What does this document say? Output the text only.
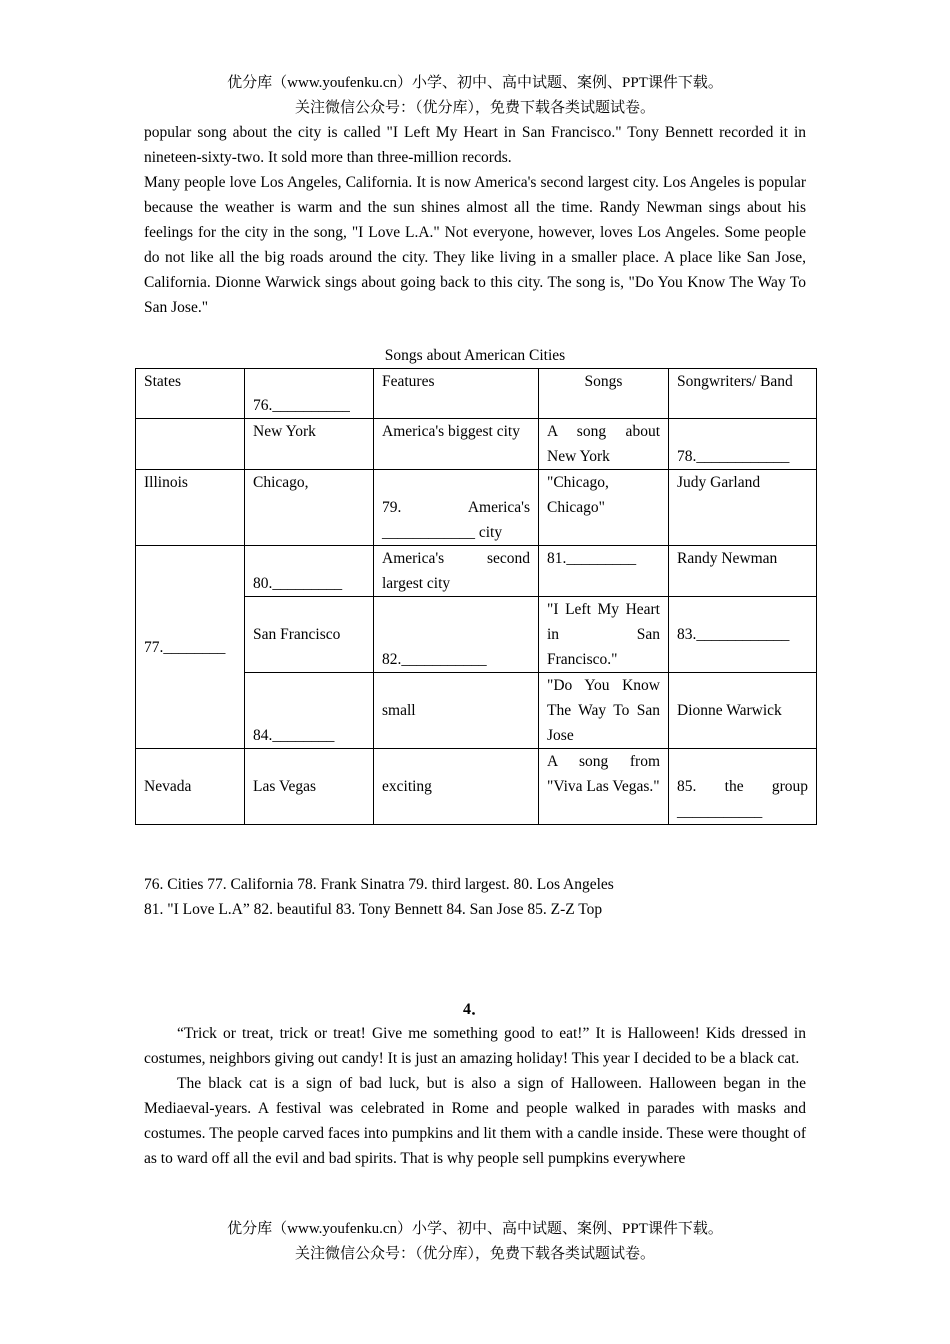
优分库（www.youfenku.cn）小学、初中、高中试题、案例、PPT课件下载。
关注微信公众号：（优分库），免费下载各类试题试卷。

popular song about the city is called "I Left My Heart in San Francisco." Tony Bennett recorded it in nineteen-sixty-two. It sold more than three-million records.

Many people love Los Angeles, California. It is now America's second largest city. Los Angeles is popular because the weather is warm and the sun shines almost all the time. Randy Newman sings about his feelings for the city in the song, "I Love L.A." Not everyone, however, loves Los Angeles. Some people do not like all the big roads around the city. They like living in a smaller place. A place like San Jose, California. Dionne Warwick sings about going back to this city. The song is, "Do You Know The Way To San Jose."

Songs about American Cities
States	76.__________	Features	Songs	Songwriters/ Band
	New York	America's biggest city	A song about New York	78.____________
Illinois	Chicago,	79. America's ____________ city	"Chicago, Chicago"	Judy Garland
77.________	80._________	America's second largest city	81._________	Randy Newman
	San Francisco	82.___________	"I Left My Heart in San Francisco."	83.____________
	84.________	small	"Do You Know The Way To San Jose	Dionne Warwick
Nevada	Las Vegas	exciting	A song from "Viva Las Vegas."	85. the group ___________
76. Cities 77. California 78. Frank Sinatra 79. third largest. 80. Los Angeles
81. "I Love L.A” 82. beautiful 83. Tony Bennett 84. San Jose 85. Z-Z Top
4．

“Trick or treat, trick or treat! Give me something good to eat!” It is Halloween! Kids dressed in costumes, neighbors giving out candy! It is just an amazing holiday! This year I decided to be a black cat.

The black cat is a sign of bad luck, but is also a sign of Halloween. Halloween began in the Mediaeval-years. A festival was celebrated in Rome and people walked in parades with masks and costumes. The people carved faces into pumpkins and lit them with a candle inside. These were thought of as to ward off all the evil and bad spirits. That is why people sell pumpkins everywhere

优分库（www.youfenku.cn）小学、初中、高中试题、案例、PPT课件下载。
关注微信公众号：（优分库），免费下载各类试题试卷。
